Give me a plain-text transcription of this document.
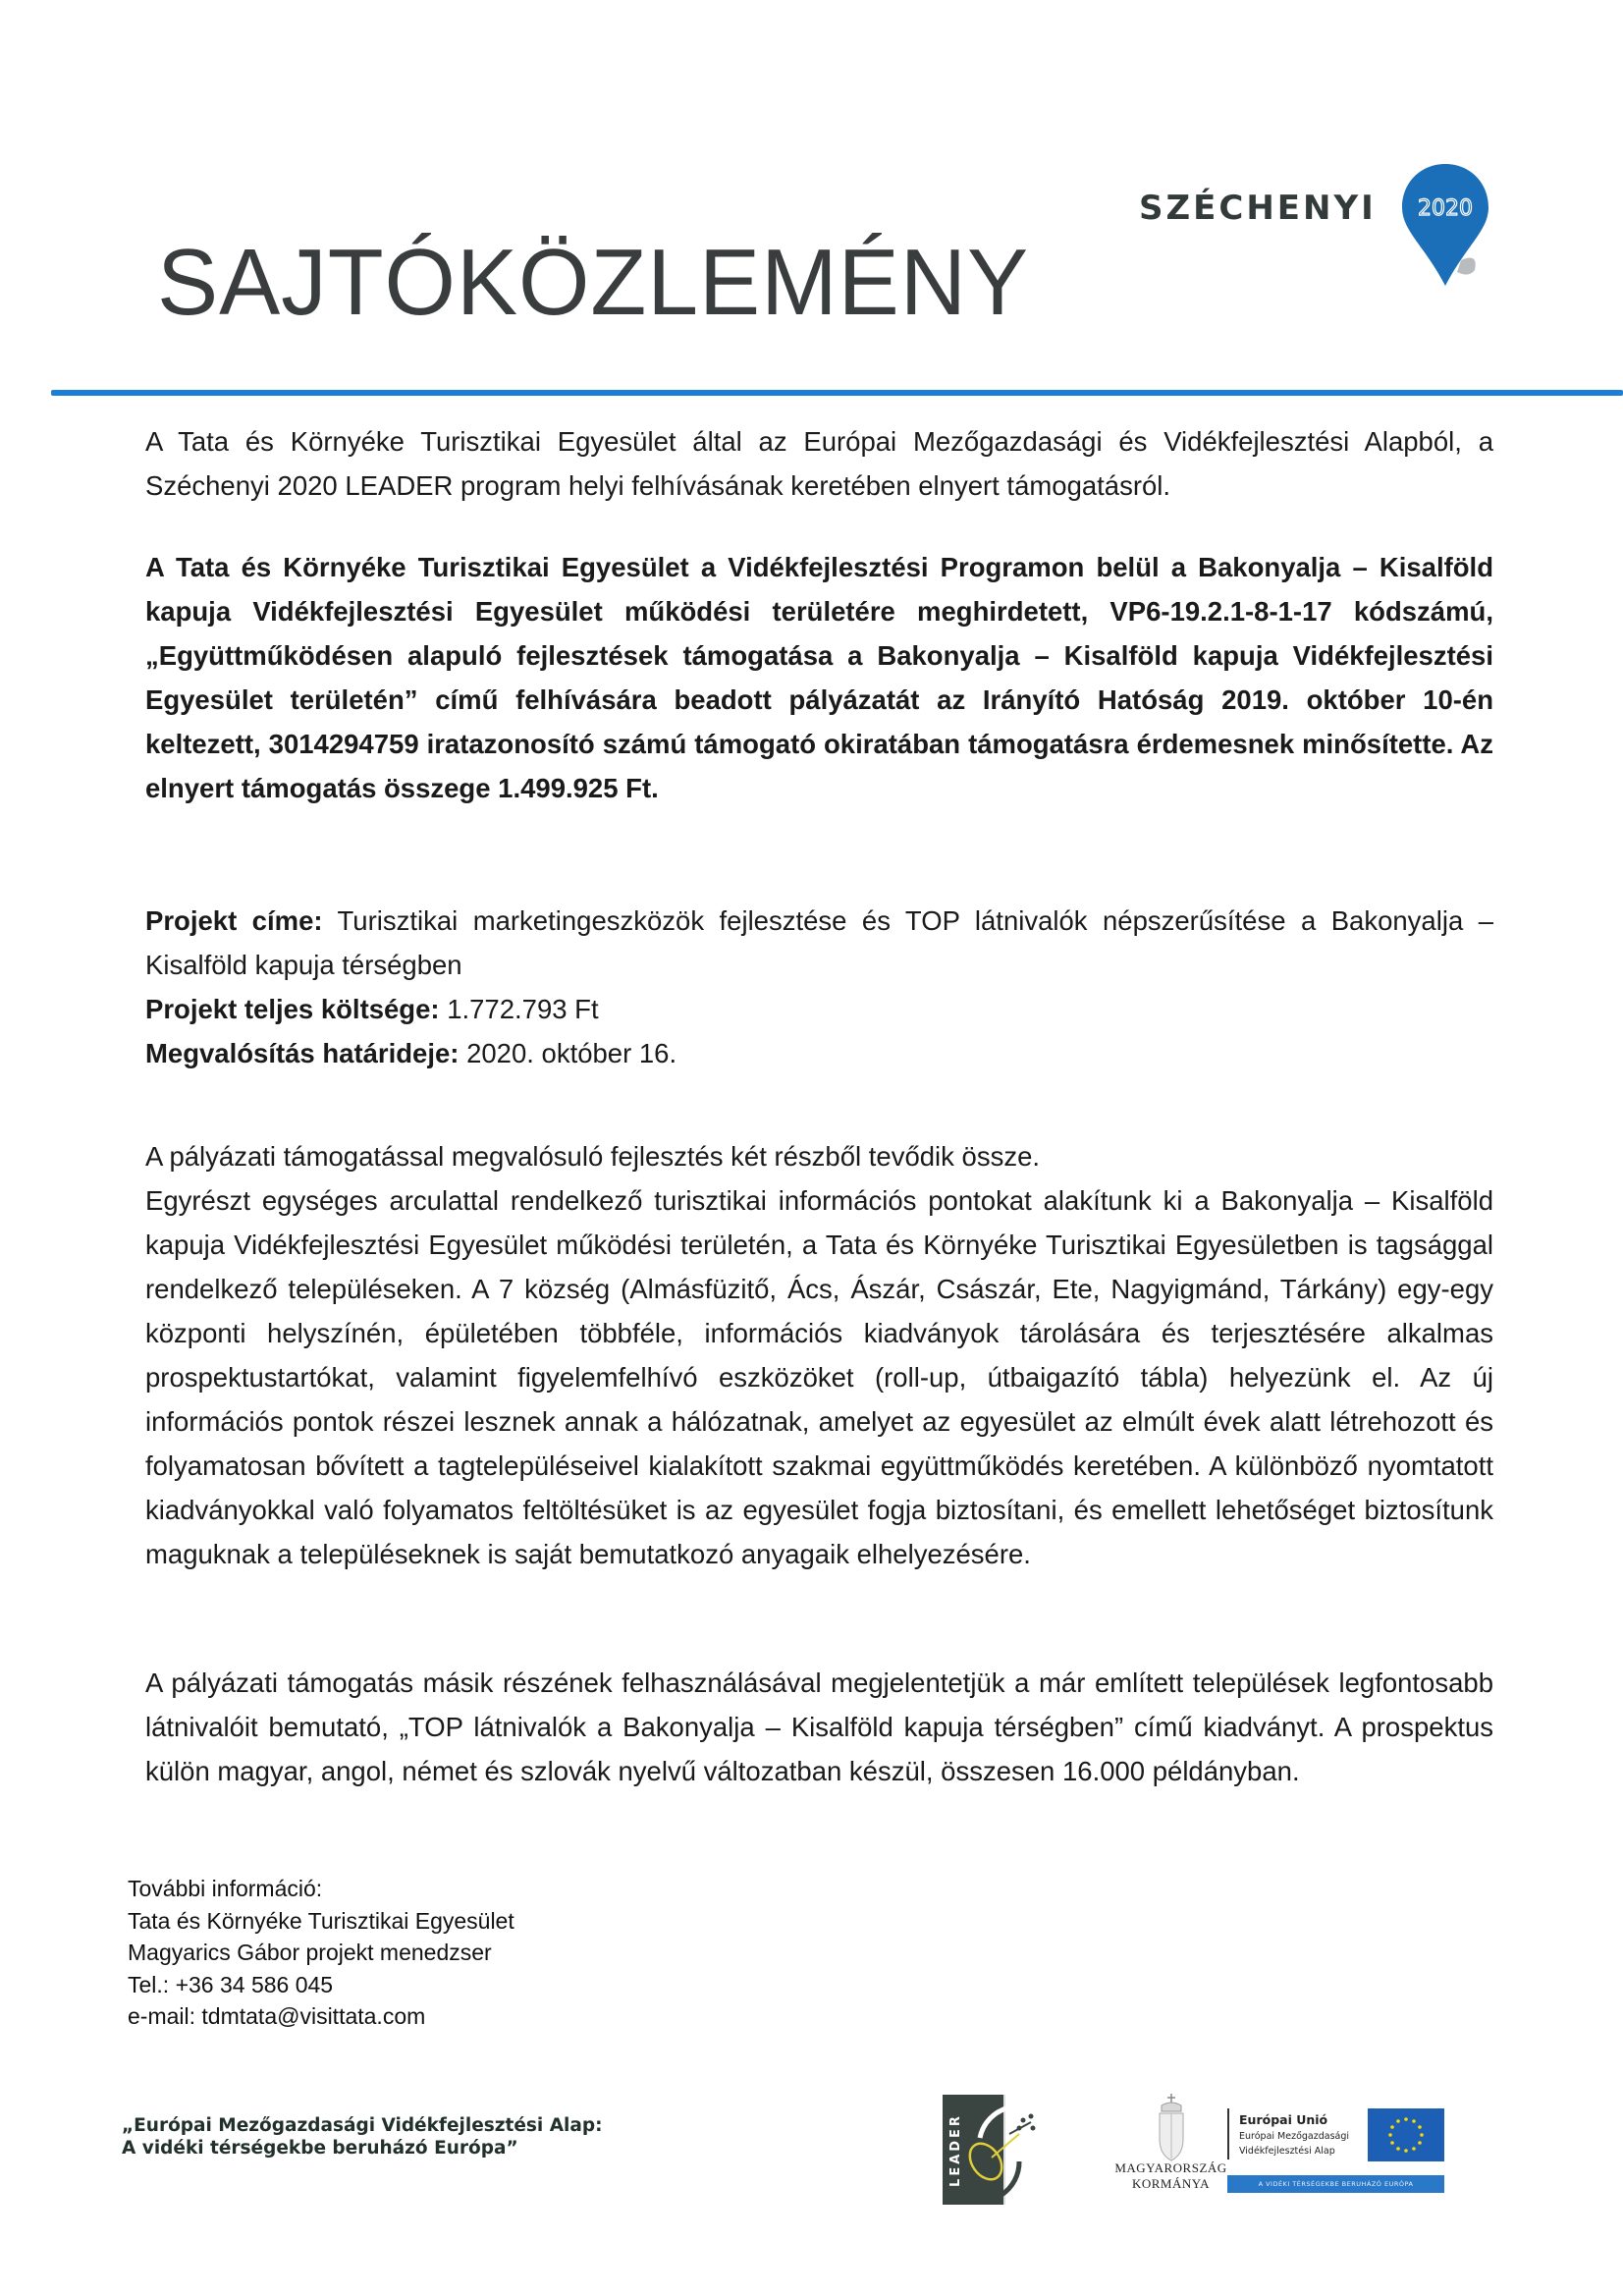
SAJTÓKÖZLEMÉNY
SZÉCHENYI 2020
A Tata és Környéke Turisztikai Egyesület által az Európai Mezőgazdasági és Vidékfejlesztési Alapból, a Széchenyi 2020 LEADER program helyi felhívásának keretében elnyert támogatásról.
A Tata és Környéke Turisztikai Egyesület a Vidékfejlesztési Programon belül a Bakonyalja – Kisalföld kapuja Vidékfejlesztési Egyesület működési területére meghirdetett, VP6-19.2.1-8-1-17 kódszámú, „Együttműködésen alapuló fejlesztések támogatása a Bakonyalja – Kisalföld kapuja Vidékfejlesztési Egyesület területén” című felhívására beadott pályázatát az Irányító Hatóság 2019. október 10-én keltezett, 3014294759 iratazonosító számú támogató okiratában támogatásra érdemesnek minősítette. Az elnyert támogatás összege 1.499.925 Ft.
Projekt címe: Turisztikai marketingeszközök fejlesztése és TOP látnivalók népszerűsítése a Bakonyalja – Kisalföld kapuja térségben
Projekt teljes költsége: 1.772.793 Ft
Megvalósítás határideje: 2020. október 16.
A pályázati támogatással megvalósuló fejlesztés két részből tevődik össze.
Egyrészt egységes arculattal rendelkező turisztikai információs pontokat alakítunk ki a Bakonyalja – Kisalföld kapuja Vidékfejlesztési Egyesület működési területén, a Tata és Környéke Turisztikai Egyesületben is tagsággal rendelkező településeken. A 7 község (Almásfüzitő, Ács, Ászár, Császár, Ete, Nagyigmánd, Tárkány) egy-egy központi helyszínén, épületében többféle, információs kiadványok tárolására és terjesztésére alkalmas prospektustartókat, valamint figyelemfelhívó eszközöket (roll-up, útbaigazító tábla) helyezünk el. Az új információs pontok részei lesznek annak a hálózatnak, amelyet az egyesület az elmúlt évek alatt létrehozott és folyamatosan bővített a tagtelepüléseivel kialakított szakmai együttműködés keretében. A különböző nyomtatott kiadványokkal való folyamatos feltöltésüket is az egyesület fogja biztosítani, és emellett lehetőséget biztosítunk maguknak a településeknek is saját bemutatkozó anyagaik elhelyezésére.
A pályázati támogatás másik részének felhasználásával megjelentetjük a már említett települések legfontosabb látnivalóit bemutató, „TOP látnivalók a Bakonyalja – Kisalföld kapuja térségben” című kiadványt. A prospektus külön magyar, angol, német és szlovák nyelvű változatban készül, összesen 16.000 példányban.
További információ:
Tata és Környéke Turisztikai Egyesület
Magyarics Gábor projekt menedzser
Tel.: +36 34 586 045
e-mail: tdmtata@visittata.com
„Európai Mezőgazdasági Vidékfejlesztési Alap:
A vidéki térségekbe beruházó Európa”	LEADER	MAGYARORSZÁG
KORMÁNYA
Európai Unió
Európai Mezőgazdasági
Vidékfejlesztési Alap
A VIDÉKI TÉRSÉGEKBE BERUHÁZÓ EURÓPA
